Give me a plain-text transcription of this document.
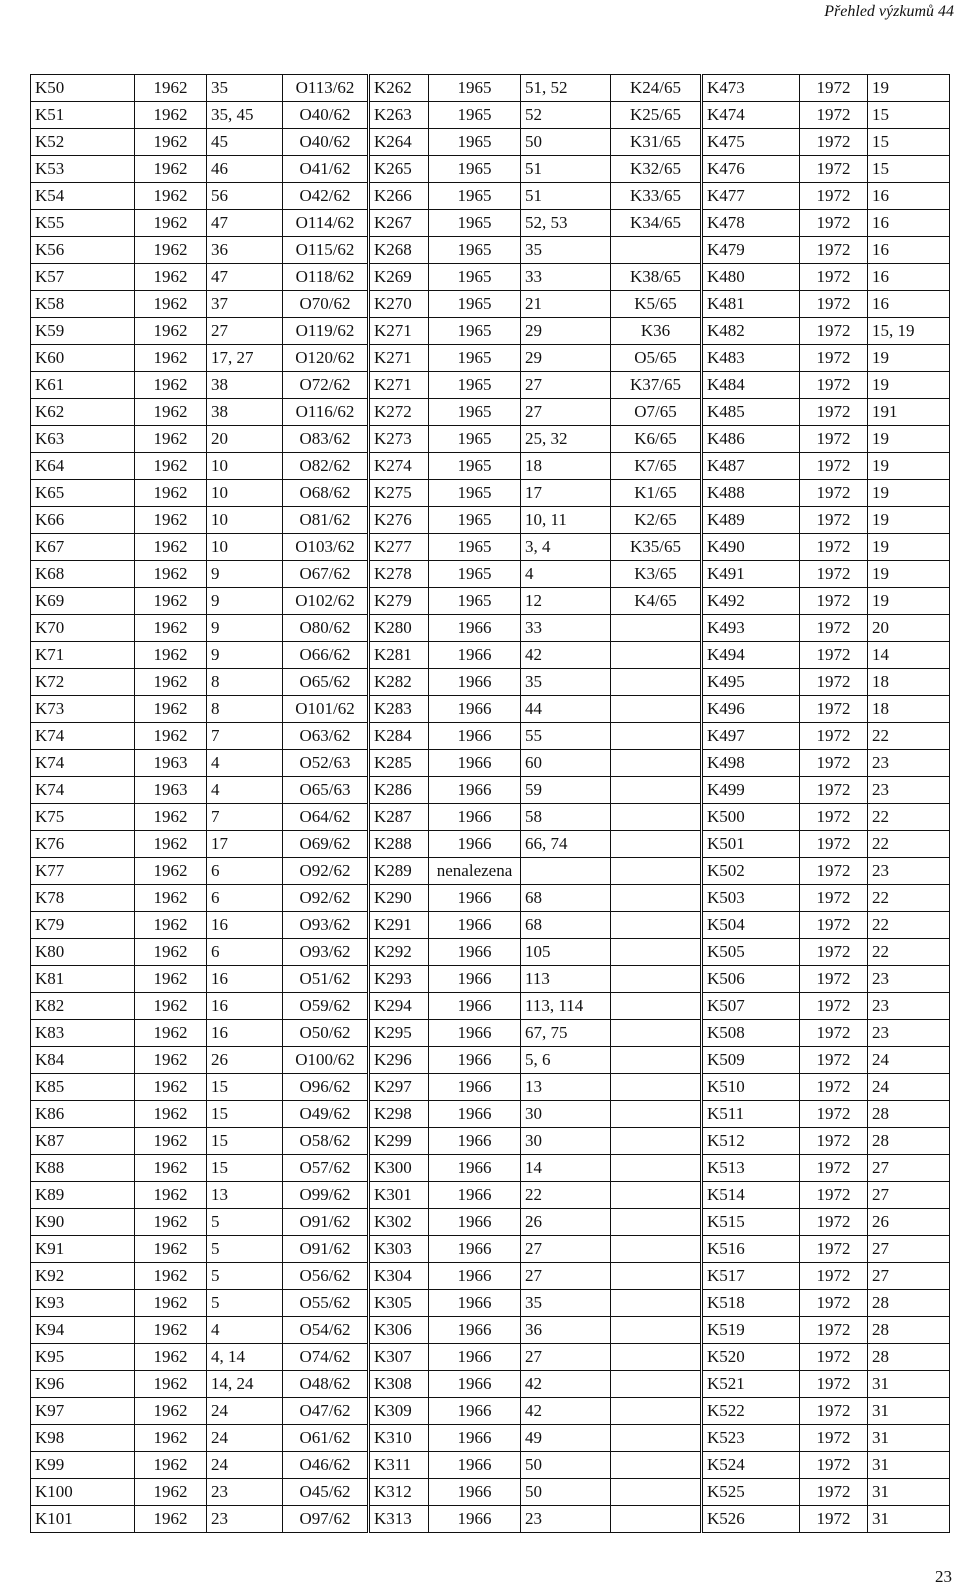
Přehled výzkumů 44
K50	1962	35	O113/62	K262	1965	51, 52	K24/65	K473	1972	19
K51	1962	35, 45	O40/62	K263	1965	52	K25/65	K474	1972	15
K52	1962	45	O40/62	K264	1965	50	K31/65	K475	1972	15
K53	1962	46	O41/62	K265	1965	51	K32/65	K476	1972	15
K54	1962	56	O42/62	K266	1965	51	K33/65	K477	1972	16
K55	1962	47	O114/62	K267	1965	52, 53	K34/65	K478	1972	16
K56	1962	36	O115/62	K268	1965	35		K479	1972	16
K57	1962	47	O118/62	K269	1965	33	K38/65	K480	1972	16
K58	1962	37	O70/62	K270	1965	21	K5/65	K481	1972	16
K59	1962	27	O119/62	K271	1965	29	K36	K482	1972	15, 19
K60	1962	17, 27	O120/62	K271	1965	29	O5/65	K483	1972	19
K61	1962	38	O72/62	K271	1965	27	K37/65	K484	1972	19
K62	1962	38	O116/62	K272	1965	27	O7/65	K485	1972	191
K63	1962	20	O83/62	K273	1965	25, 32	K6/65	K486	1972	19
K64	1962	10	O82/62	K274	1965	18	K7/65	K487	1972	19
K65	1962	10	O68/62	K275	1965	17	K1/65	K488	1972	19
K66	1962	10	O81/62	K276	1965	10, 11	K2/65	K489	1972	19
K67	1962	10	O103/62	K277	1965	3, 4	K35/65	K490	1972	19
K68	1962	9	O67/62	K278	1965	4	K3/65	K491	1972	19
K69	1962	9	O102/62	K279	1965	12	K4/65	K492	1972	19
K70	1962	9	O80/62	K280	1966	33		K493	1972	20
K71	1962	9	O66/62	K281	1966	42		K494	1972	14
K72	1962	8	O65/62	K282	1966	35		K495	1972	18
K73	1962	8	O101/62	K283	1966	44		K496	1972	18
K74	1962	7	O63/62	K284	1966	55		K497	1972	22
K74	1963	4	O52/63	K285	1966	60		K498	1972	23
K74	1963	4	O65/63	K286	1966	59		K499	1972	23
K75	1962	7	O64/62	K287	1966	58		K500	1972	22
K76	1962	17	O69/62	K288	1966	66, 74		K501	1972	22
K77	1962	6	O92/62	K289	nenalezena			K502	1972	23
K78	1962	6	O92/62	K290	1966	68		K503	1972	22
K79	1962	16	O93/62	K291	1966	68		K504	1972	22
K80	1962	6	O93/62	K292	1966	105		K505	1972	22
K81	1962	16	O51/62	K293	1966	113		K506	1972	23
K82	1962	16	O59/62	K294	1966	113, 114		K507	1972	23
K83	1962	16	O50/62	K295	1966	67, 75		K508	1972	23
K84	1962	26	O100/62	K296	1966	5, 6		K509	1972	24
K85	1962	15	O96/62	K297	1966	13		K510	1972	24
K86	1962	15	O49/62	K298	1966	30		K511	1972	28
K87	1962	15	O58/62	K299	1966	30		K512	1972	28
K88	1962	15	O57/62	K300	1966	14		K513	1972	27
K89	1962	13	O99/62	K301	1966	22		K514	1972	27
K90	1962	5	O91/62	K302	1966	26		K515	1972	26
K91	1962	5	O91/62	K303	1966	27		K516	1972	27
K92	1962	5	O56/62	K304	1966	27		K517	1972	27
K93	1962	5	O55/62	K305	1966	35		K518	1972	28
K94	1962	4	O54/62	K306	1966	36		K519	1972	28
K95	1962	4, 14	O74/62	K307	1966	27		K520	1972	28
K96	1962	14, 24	O48/62	K308	1966	42		K521	1972	31
K97	1962	24	O47/62	K309	1966	42		K522	1972	31
K98	1962	24	O61/62	K310	1966	49		K523	1972	31
K99	1962	24	O46/62	K311	1966	50		K524	1972	31
K100	1962	23	O45/62	K312	1966	50		K525	1972	31
K101	1962	23	O97/62	K313	1966	23		K526	1972	31
23
